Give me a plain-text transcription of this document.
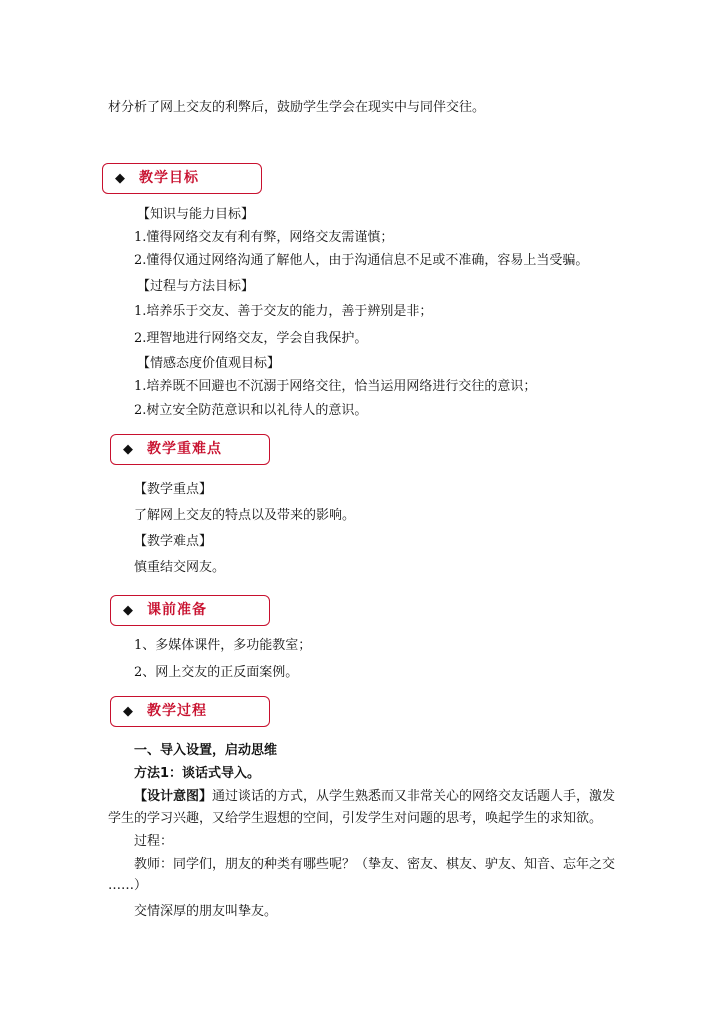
材分析了网上交友的利弊后，鼓励学生学会在现实中与同伴交往。
◆ 教学目标
【知识与能力目标】
1.懂得网络交友有利有弊，网络交友需谨慎；
2.懂得仅通过网络沟通了解他人，由于沟通信息不足或不准确，容易上当受骗。
【过程与方法目标】
1.培养乐于交友、善于交友的能力，善于辨别是非；
2.理智地进行网络交友，学会自我保护。
【情感态度价值观目标】
1.培养既不回避也不沉溺于网络交往，恰当运用网络进行交往的意识；
2.树立安全防范意识和以礼待人的意识。
◆ 教学重难点
【教学重点】
了解网上交友的特点以及带来的影响。
【教学难点】
慎重结交网友。
◆ 课前准备
1、多媒体课件，多功能教室；
2、网上交友的正反面案例。
◆ 教学过程
一、导入设置，启动思维
方法1：谈话式导入。
【设计意图】通过谈话的方式，从学生熟悉而又非常关心的网络交友话题人手，激发
学生的学习兴趣，又给学生遐想的空间，引发学生对问题的思考，唤起学生的求知欲。
过程：
教师：同学们，朋友的种类有哪些呢？（挚友、密友、棋友、驴友、知音、忘年之交
……）
交情深厚的朋友叫挚友。
